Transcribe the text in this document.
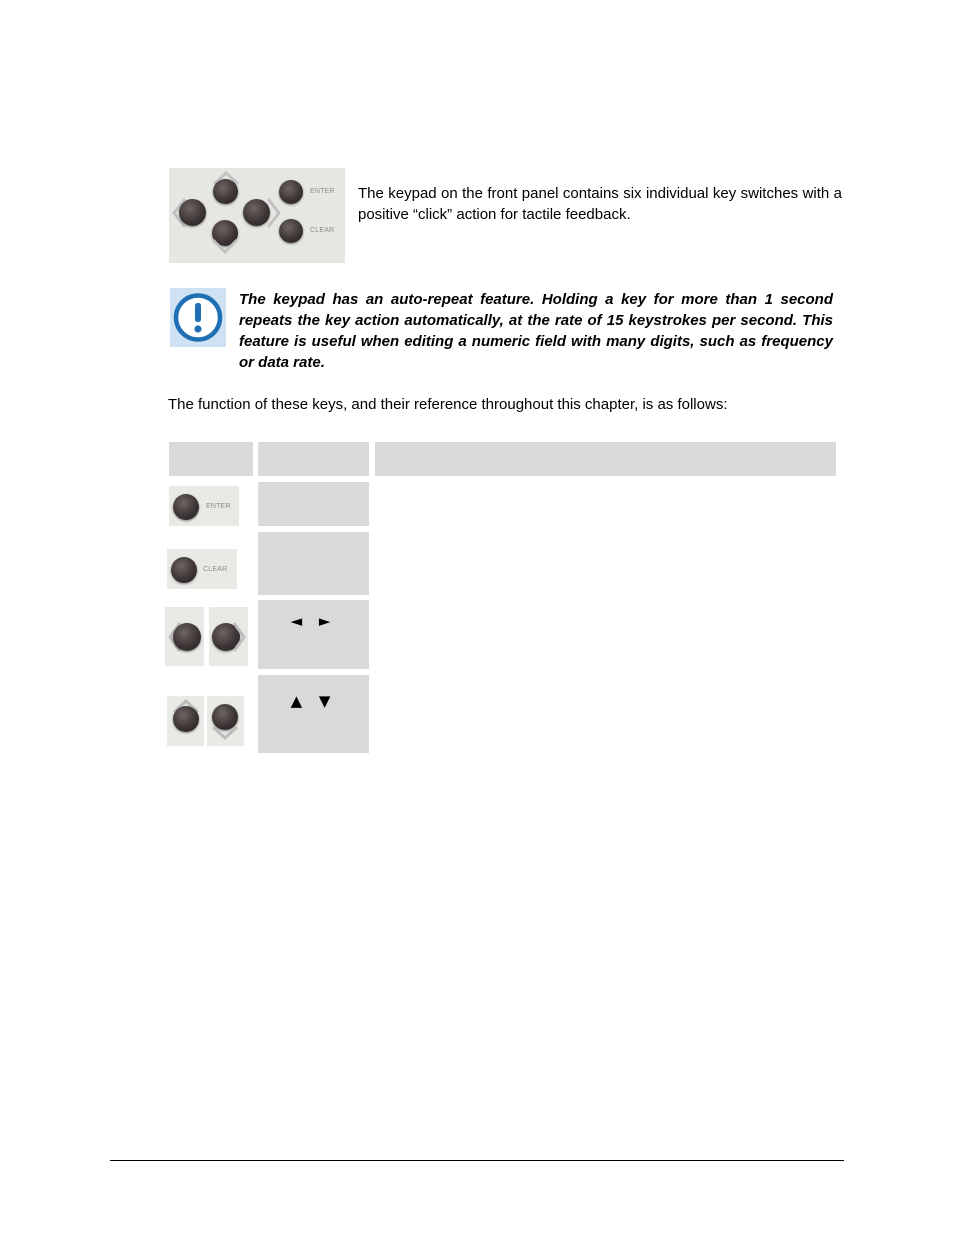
ENTER
CLEAR
The keypad on the front panel contains six individual key switches with a positive “click” action for tactile feedback.
The keypad has an auto-repeat feature. Holding a key for more than 1 second repeats the key action automatically, at the rate of 15 keystrokes per second. This feature is useful when editing a numeric field with many digits, such as frequency or data rate.
The function of these keys, and their reference throughout this chapter, is as follows:
ENTER
CLEAR
◄ ►
▲ ▼
